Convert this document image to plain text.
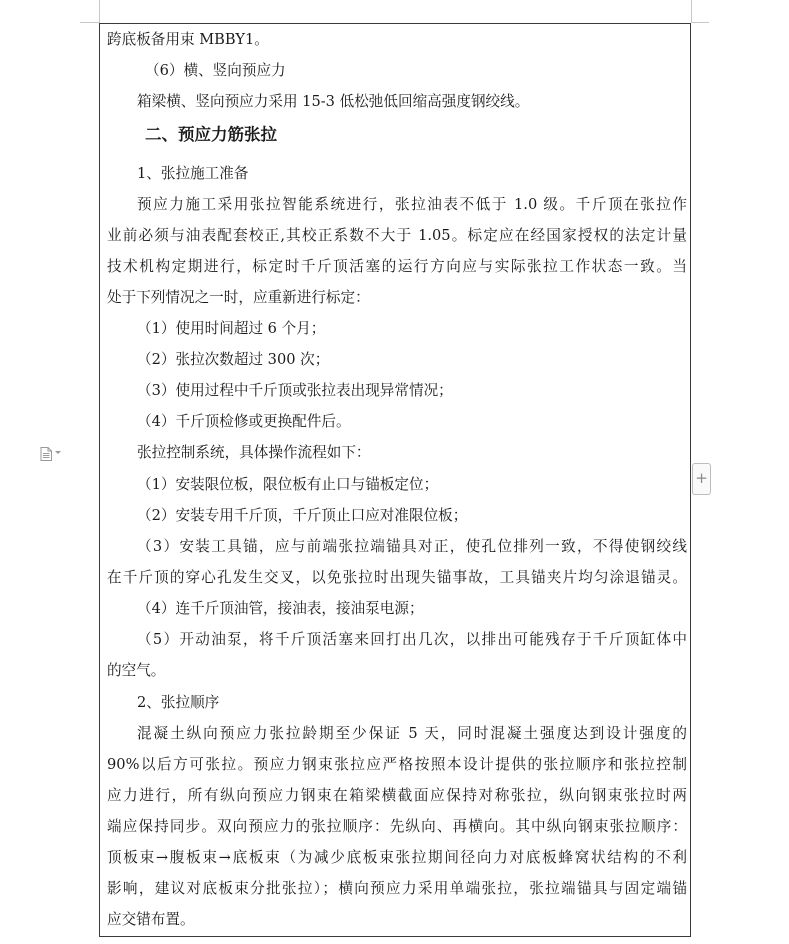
跨底板备用束 MBBY1。
（6）横、竖向预应力
箱梁横、竖向预应力采用 15-3 低松弛低回缩高强度钢绞线。
二、预应力筋张拉
1、张拉施工准备
预应力施工采用张拉智能系统进行，张拉油表不低于 1.0 级。千斤顶在张拉作
业前必须与油表配套校正,其校正系数不大于 1.05。标定应在经国家授权的法定计量
技术机构定期进行，标定时千斤顶活塞的运行方向应与实际张拉工作状态一致。当
处于下列情况之一时，应重新进行标定：
（1）使用时间超过 6 个月；
（2）张拉次数超过 300 次；
（3）使用过程中千斤顶或张拉表出现异常情况；
（4）千斤顶检修或更换配件后。
张拉控制系统，具体操作流程如下：
（1）安装限位板，限位板有止口与锚板定位；
（2）安装专用千斤顶，千斤顶止口应对准限位板；
（3）安装工具锚，应与前端张拉端锚具对正，使孔位排列一致，不得使钢绞线
在千斤顶的穿心孔发生交叉，以免张拉时出现失锚事故，工具锚夹片均匀涂退锚灵。
（4）连千斤顶油管，接油表，接油泵电源；
（5）开动油泵，将千斤顶活塞来回打出几次，以排出可能残存于千斤顶缸体中
的空气。
2、张拉顺序
混凝土纵向预应力张拉龄期至少保证 5 天，同时混凝土强度达到设计强度的
90%以后方可张拉。预应力钢束张拉应严格按照本设计提供的张拉顺序和张拉控制
应力进行，所有纵向预应力钢束在箱梁横截面应保持对称张拉，纵向钢束张拉时两
端应保持同步。双向预应力的张拉顺序：先纵向、再横向。其中纵向钢束张拉顺序：
顶板束→腹板束→底板束（为减少底板束张拉期间径向力对底板蜂窝状结构的不利
影响，建议对底板束分批张拉）；横向预应力采用单端张拉，张拉端锚具与固定端锚
应交错布置。
+
